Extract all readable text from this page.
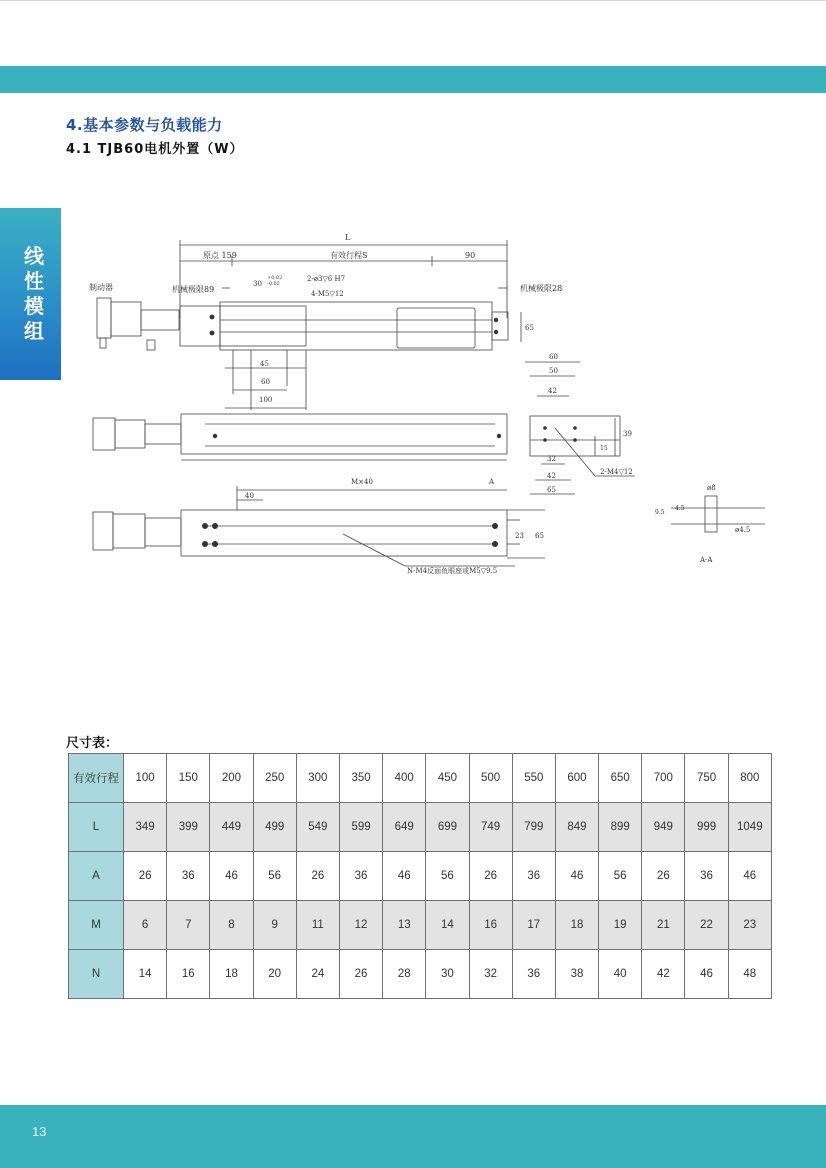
线
性
模
组
4.基本参数与负载能力
4.1 TJB60电机外置（W）
L
原点 159	有效行程S	90
制动器	机械极限89	机械极限28
2-ø3▽6 H7
4-M5▽12
+0.02
-0.02
30
45
60
100
65
60
50
42
39
15
32
42
65
2-M4▽12
M×40	A
40
23 65
N-M4反面鱼眼座或M5▽9.5
A-A
ø8
ø4.5
9.5
4.5
尺寸表：
有效行程	100	150	200	250	300	350	400	450	500	550	600	650	700	750	800
L	349	399	449	499	549	599	649	699	749	799	849	899	949	999	1049
A	26	36	46	56	26	36	46	56	26	36	46	56	26	36	46
M	6	7	8	9	11	12	13	14	16	17	18	19	21	22	23
N	14	16	18	20	24	26	28	30	32	36	38	40	42	46	48
13
